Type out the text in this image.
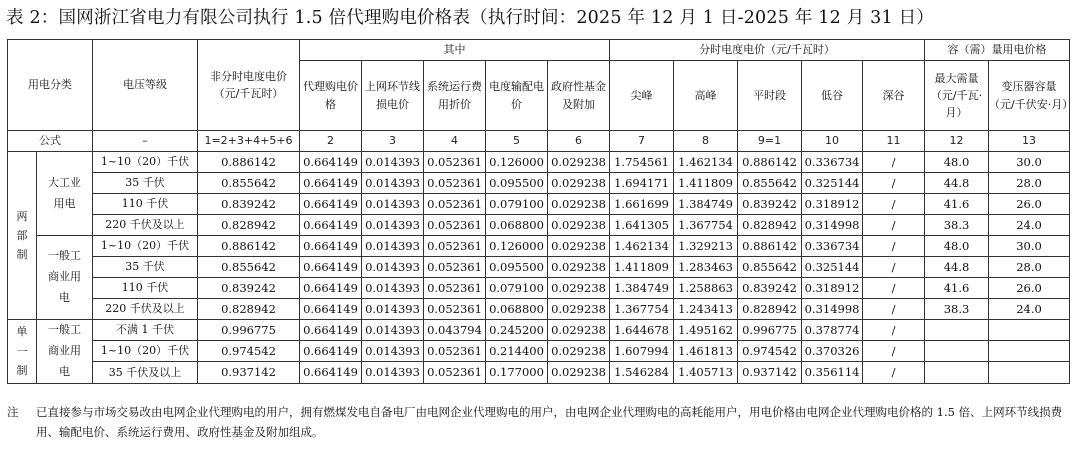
表 2：国网浙江省电力有限公司执行 1.5 倍代理购电价格表（执行时间：2025 年 12 月 1 日-2025 年 12 月 31 日）
用电分类		电压等级	非分时电度电价（元/千瓦时）	其中					分时电度电价（元/千瓦时）					容（需）量用电价格	
				代理购电价格	上网环节线损电价	系统运行费用折价	电度输配电价	政府性基金及附加	尖峰	高峰	平时段	低谷	深谷	最大需量（元/千瓦·月）	变压器容量（元/千伏安·月）

公式		–	1=2+3+4+5+6	2	3	4	5	6	7	8	9=1	10	11	12	13
两部制	大工业用电	1~10（20）千伏	0.886142	0.664149	0.014393	0.052361	0.126000	0.029238	1.754561	1.462134	0.886142	0.336734	/	48.0	30.0
		35 千伏	0.855642	0.664149	0.014393	0.052361	0.095500	0.029238	1.694171	1.411809	0.855642	0.325144	/	44.8	28.0
		110 千伏	0.839242	0.664149	0.014393	0.052361	0.079100	0.029238	1.661699	1.384749	0.839242	0.318912	/	41.6	26.0
		220 千伏及以上	0.828942	0.664149	0.014393	0.052361	0.068800	0.029238	1.641305	1.367754	0.828942	0.314998	/	38.3	24.0
	一般工商业用电	1~10（20）千伏	0.886142	0.664149	0.014393	0.052361	0.126000	0.029238	1.462134	1.329213	0.886142	0.336734	/	48.0	30.0
		35 千伏	0.855642	0.664149	0.014393	0.052361	0.095500	0.029238	1.411809	1.283463	0.855642	0.325144	/	44.8	28.0
		110 千伏	0.839242	0.664149	0.014393	0.052361	0.079100	0.029238	1.384749	1.258863	0.839242	0.318912	/	41.6	26.0
		220 千伏及以上	0.828942	0.664149	0.014393	0.052361	0.068800	0.029238	1.367754	1.243413	0.828942	0.314998	/	38.3	24.0
单一制	一般工商业用电	不满 1 千伏	0.996775	0.664149	0.014393	0.043794	0.245200	0.029238	1.644678	1.495162	0.996775	0.378774	/		
		1~10（20）千伏	0.974542	0.664149	0.014393	0.052361	0.214400	0.029238	1.607994	1.461813	0.974542	0.370326	/		
		35 千伏及以上	0.937142	0.664149	0.014393	0.052361	0.177000	0.029238	1.546284	1.405713	0.937142	0.356114	/		
注 已直接参与市场交易改由电网企业代理购电的用户，拥有燃煤发电自备电厂由电网企业代理购电的用户，由电网企业代理购电的高耗能用户，用电价格由电网企业代理购电价格的 1.5 倍、上网环节线损费用、输配电价、系统运行费用、政府性基金及附加组成。
